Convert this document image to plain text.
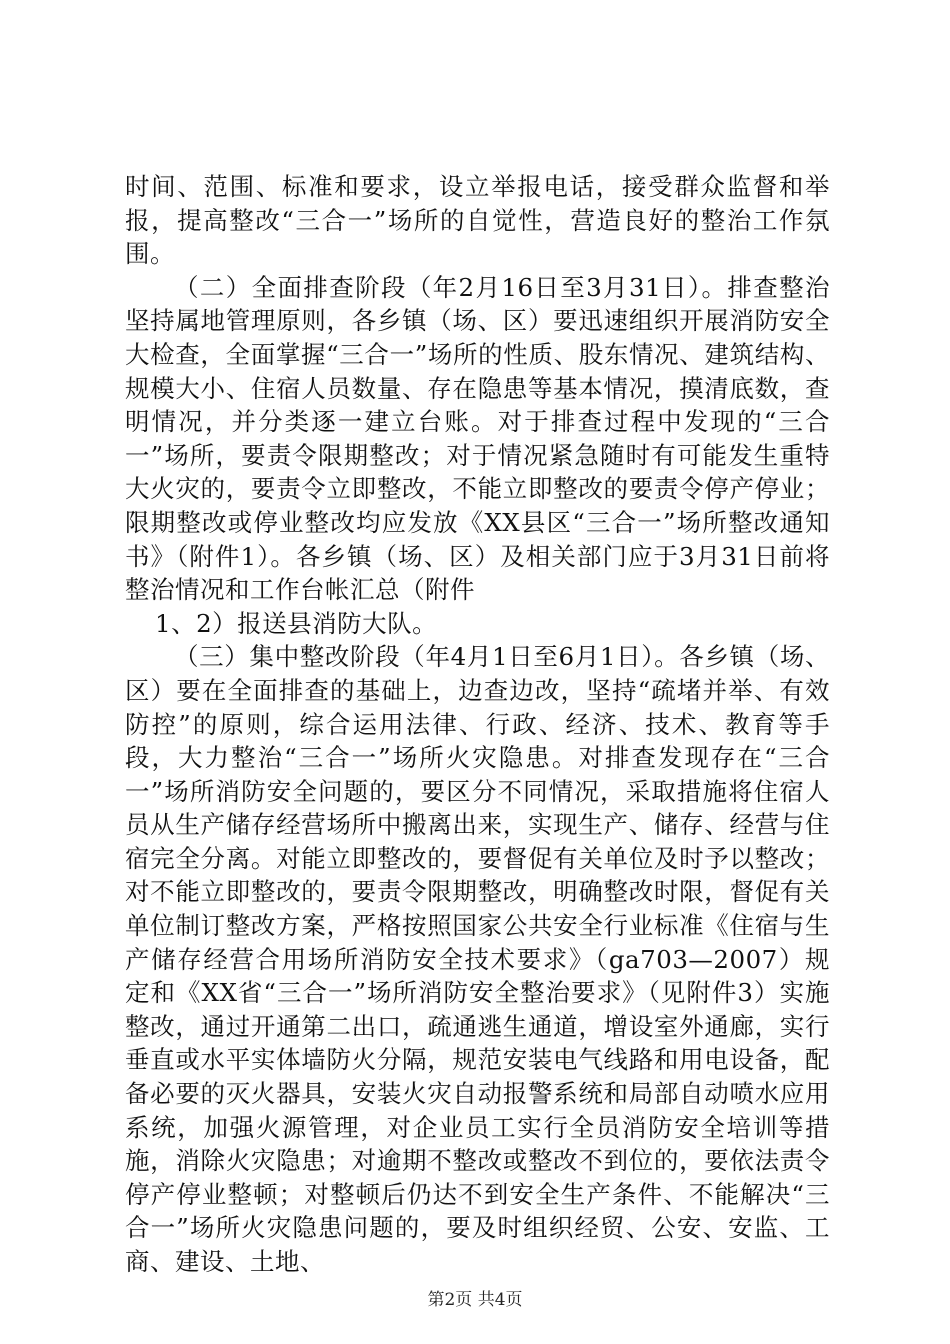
时间、范围、标准和要求，设立举报电话，接受群众监督和举报，提高整改“三合一”场所的自觉性，营造良好的整治工作氛围。

（二）全面排查阶段（年2月16日至3月31日）。排查整治坚持属地管理原则，各乡镇（场、区）要迅速组织开展消防安全大检查，全面掌握“三合一”场所的性质、股东情况、建筑结构、规模大小、住宿人员数量、存在隐患等基本情况，摸清底数，查明情况，并分类逐一建立台账。对于排查过程中发现的“三合一”场所，要责令限期整改；对于情况紧急随时有可能发生重特大火灾的，要责令立即整改，不能立即整改的要责令停产停业；限期整改或停业整改均应发放《XX县区“三合一”场所整改通知书》（附件1）。各乡镇（场、区）及相关部门应于3月31日前将整治情况和工作台帐汇总（附件

1、2）报送县消防大队。

（三）集中整改阶段（年4月1日至6月1日）。各乡镇（场、区）要在全面排查的基础上，边查边改，坚持“疏堵并举、有效防控”的原则，综合运用法律、行政、经济、技术、教育等手段，大力整治“三合一”场所火灾隐患。对排查发现存在“三合一”场所消防安全问题的，要区分不同情况，采取措施将住宿人员从生产储存经营场所中搬离出来，实现生产、储存、经营与住宿完全分离。对能立即整改的，要督促有关单位及时予以整改；对不能立即整改的，要责令限期整改，明确整改时限，督促有关单位制订整改方案，严格按照国家公共安全行业标准《住宿与生产储存经营合用场所消防安全技术要求》（ga703—2007）规定和《XX省“三合一”场所消防安全整治要求》（见附件3）实施整改，通过开通第二出口，疏通逃生通道，增设室外通廊，实行垂直或水平实体墙防火分隔，规范安装电气线路和用电设备，配备必要的灭火器具，安装火灾自动报警系统和局部自动喷水应用系统，加强火源管理，对企业员工实行全员消防安全培训等措施，消除火灾隐患；对逾期不整改或整改不到位的，要依法责令停产停业整顿；对整顿后仍达不到安全生产条件、不能解决“三合一”场所火灾隐患问题的，要及时组织经贸、公安、安监、工商、建设、土地、

第2页 共4页
